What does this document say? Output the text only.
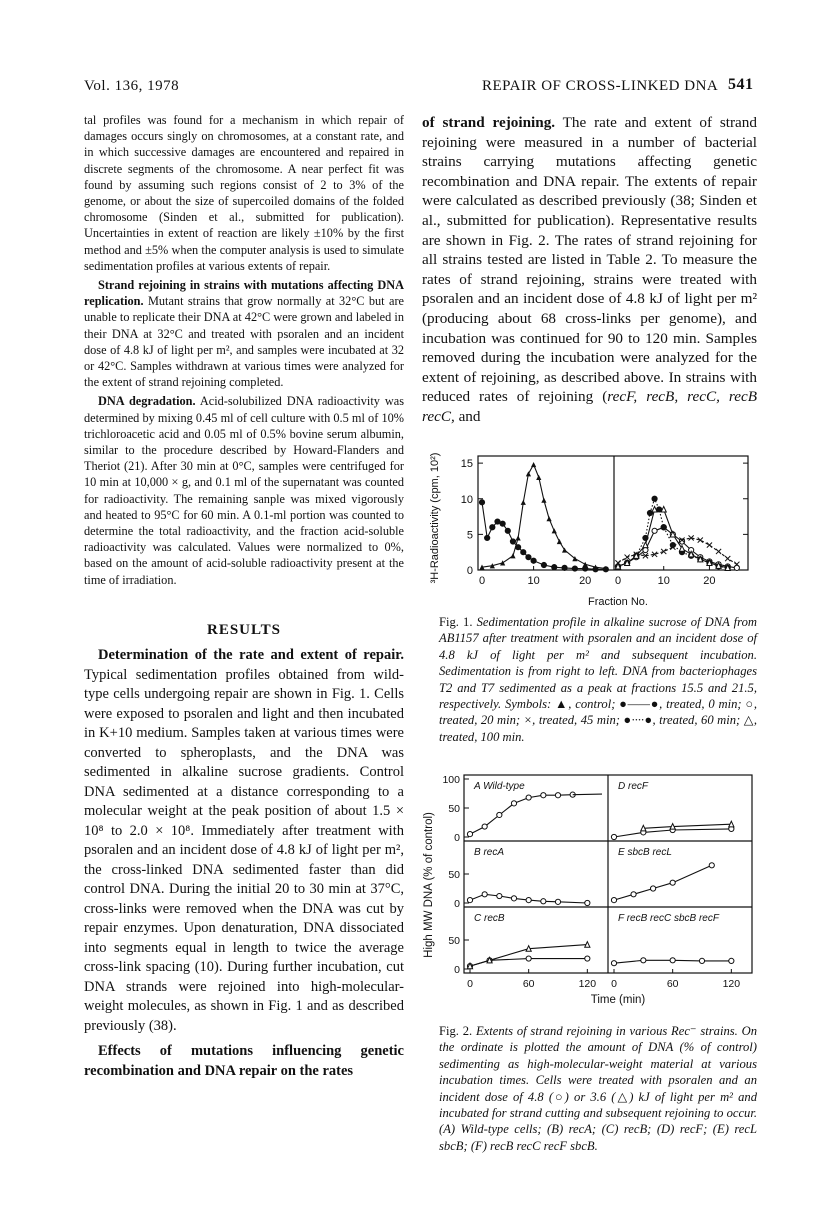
Vol. 136, 1978	REPAIR OF CROSS-LINKED DNA 541

tal profiles was found for a mechanism in which repair of damages occurs singly on chromosomes, at a constant rate, and in which successive damages are encountered and repaired in discrete segments of the chromosome. A near perfect fit was found by assuming such regions consist of 2 to 3% of the genome, or about the size of supercoiled domains of the folded chromosome (Sinden et al., submitted for publication). Uncertainties in extent of reaction are likely ±10% by the first method and ±5% when the computer analysis is used to simulate sedimentation profiles at various extents of repair.

Strand rejoining in strains with mutations affecting DNA replication. Mutant strains that grow normally at 32°C but are unable to replicate their DNA at 42°C were grown and labeled in their DNA at 32°C and treated with psoralen and an incident dose of 4.8 kJ of light per m², and samples were incubated at 32 or 42°C. Samples withdrawn at various times were analyzed for the extent of strand rejoining completed.

DNA degradation. Acid-solubilized DNA radioactivity was determined by mixing 0.45 ml of cell culture with 0.5 ml of 10% trichloroacetic acid and 0.05 ml of 0.5% bovine serum albumin, similar to the procedure described by Howard-Flanders and Theriot (21). After 30 min at 0°C, samples were centrifuged for 10 min at 10,000 × g, and 0.1 ml of the supernatant was counted for radioactivity. The remaining sanple was mixed vigorously and heated to 95°C for 60 min. A 0.1-ml portion was counted to determine the total radioactivity, and the fraction acid-soluble radioactivity was calculated. Values were normalized to 0%, based on the amount of acid-soluble radioactivity present at the time of irradiation.

RESULTS

Determination of the rate and extent of repair. Typical sedimentation profiles obtained from wild-type cells undergoing repair are shown in Fig. 1. Cells were exposed to psoralen and light and then incubated in K+10 medium. Samples taken at various times were converted to spheroplasts, and the DNA was sedimented in alkaline sucrose gradients. Control DNA sedimented at a distance corresponding to a molecular weight at the peak position of about 1.5 × 10⁸ to 2.0 × 10⁸. Immediately after treatment with psoralen and an incident dose of 4.8 kJ of light per m², the cross-linked DNA sedimented faster than did control DNA. During the initial 20 to 30 min at 37°C, cross-links were removed when the DNA was cut by repair enzymes. Upon denaturation, DNA dissociated into segments equal in length to twice the average cross-link spacing (10). During further incubation, cut DNA strands were rejoined into high-molecular-weight molecules, as shown in Fig. 1 and as described previously (38).

Effects of mutations influencing genetic recombination and DNA repair on the rates

of strand rejoining. The rate and extent of strand rejoining were measured in a number of bacterial strains carrying mutations affecting genetic recombination and DNA repair. The extents of repair were calculated as described previously (38; Sinden et al., submitted for publication). Representative results are shown in Fig. 2. The rates of strand rejoining for all strains tested are listed in Table 2. To measure the rates of strand rejoining, strains were treated with psoralen and an incident dose of 4.8 kJ of light per m² (producing about 68 cross-links per genome), and incubation was continued for 90 to 120 min. Samples removed during the incubation were analyzed for the extent of rejoining, as described above. In strains with reduced rates of rejoining (recF, recB, recC, recB recC, and

³H-Radioactivity (cpm, 10²)
Fraction No.
0
5
10
15
0	10	20 0	10	20
Fig. 1. Sedimentation profile in alkaline sucrose of DNA from AB1157 after treatment with psoralen and an incident dose of 4.8 kJ of light per m² and subsequent incubation. Sedimentation is from right to left. DNA from bacteriophages T2 and T7 sedimented as a peak at fractions 15.5 and 21.5, respectively. Symbols: ▲, control; ●——●, treated, 0 min; ○, treated, 20 min; ×, treated, 45 min; ●····●, treated, 60 min; △, treated, 100 min.
High MW DNA (% of control)
Time (min)
0
50
100
0
50
0
50
0	60	120 0	60	120
A Wild-type
B recA
C recB
D recF
E sbcB recL
F recB recC sbcB recF
Fig. 2. Extents of strand rejoining in various Rec⁻ strains. On the ordinate is plotted the amount of DNA (% of control) sedimenting as high-molecular-weight material at various incubation times. Cells were treated with psoralen and an incident dose of 4.8 (○) or 3.6 (△) kJ of light per m² and incubated for strand cutting and subsequent rejoining to occur. (A) Wild-type cells; (B) recA; (C) recB; (D) recF; (E) recL sbcB; (F) recB recC recF sbcB.
